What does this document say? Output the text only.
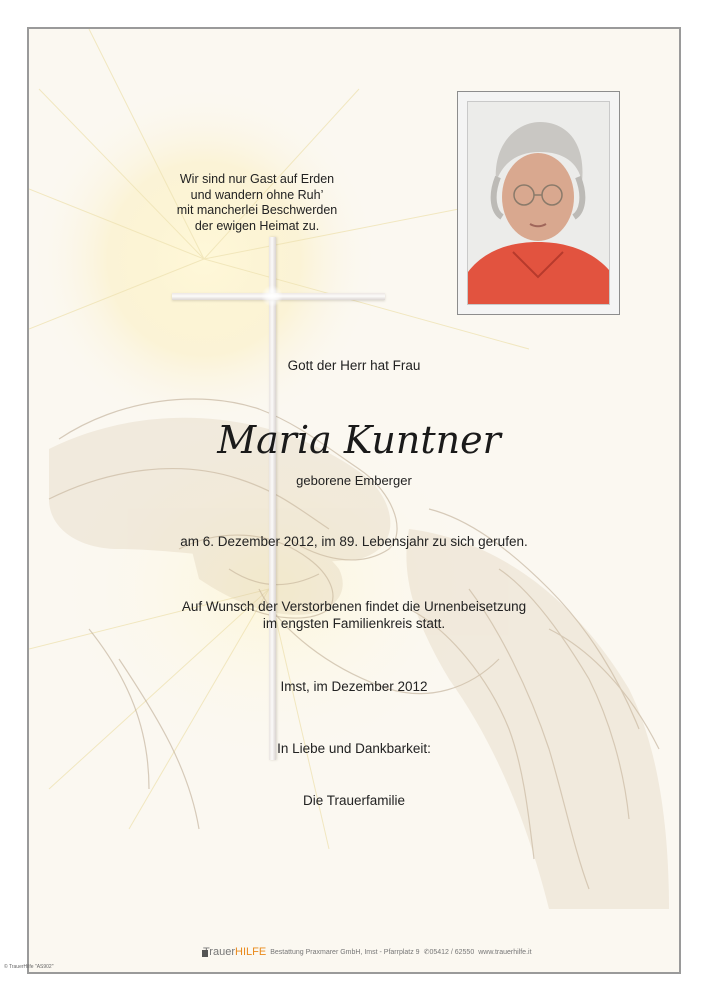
Wir sind nur Gast auf Erden
und wandern ohne Ruh’
mit mancherlei Beschwerden
der ewigen Heimat zu.
Gott der Herr hat Frau
Maria Kuntner
geborene Emberger
am 6. Dezember 2012, im 89. Lebensjahr zu sich gerufen.
Auf Wunsch der Verstorbenen findet die Urnenbeisetzung
im engsten Familienkreis statt.
Imst, im Dezember 2012
In Liebe und Dankbarkeit:
Die Trauerfamilie
TrauerHILFE Bestattung Praxmarer GmbH, Imst - Pfarrplatz 9 ✆05412 / 62550 www.trauerhilfe.it
© TrauerHilfe "AS902"
